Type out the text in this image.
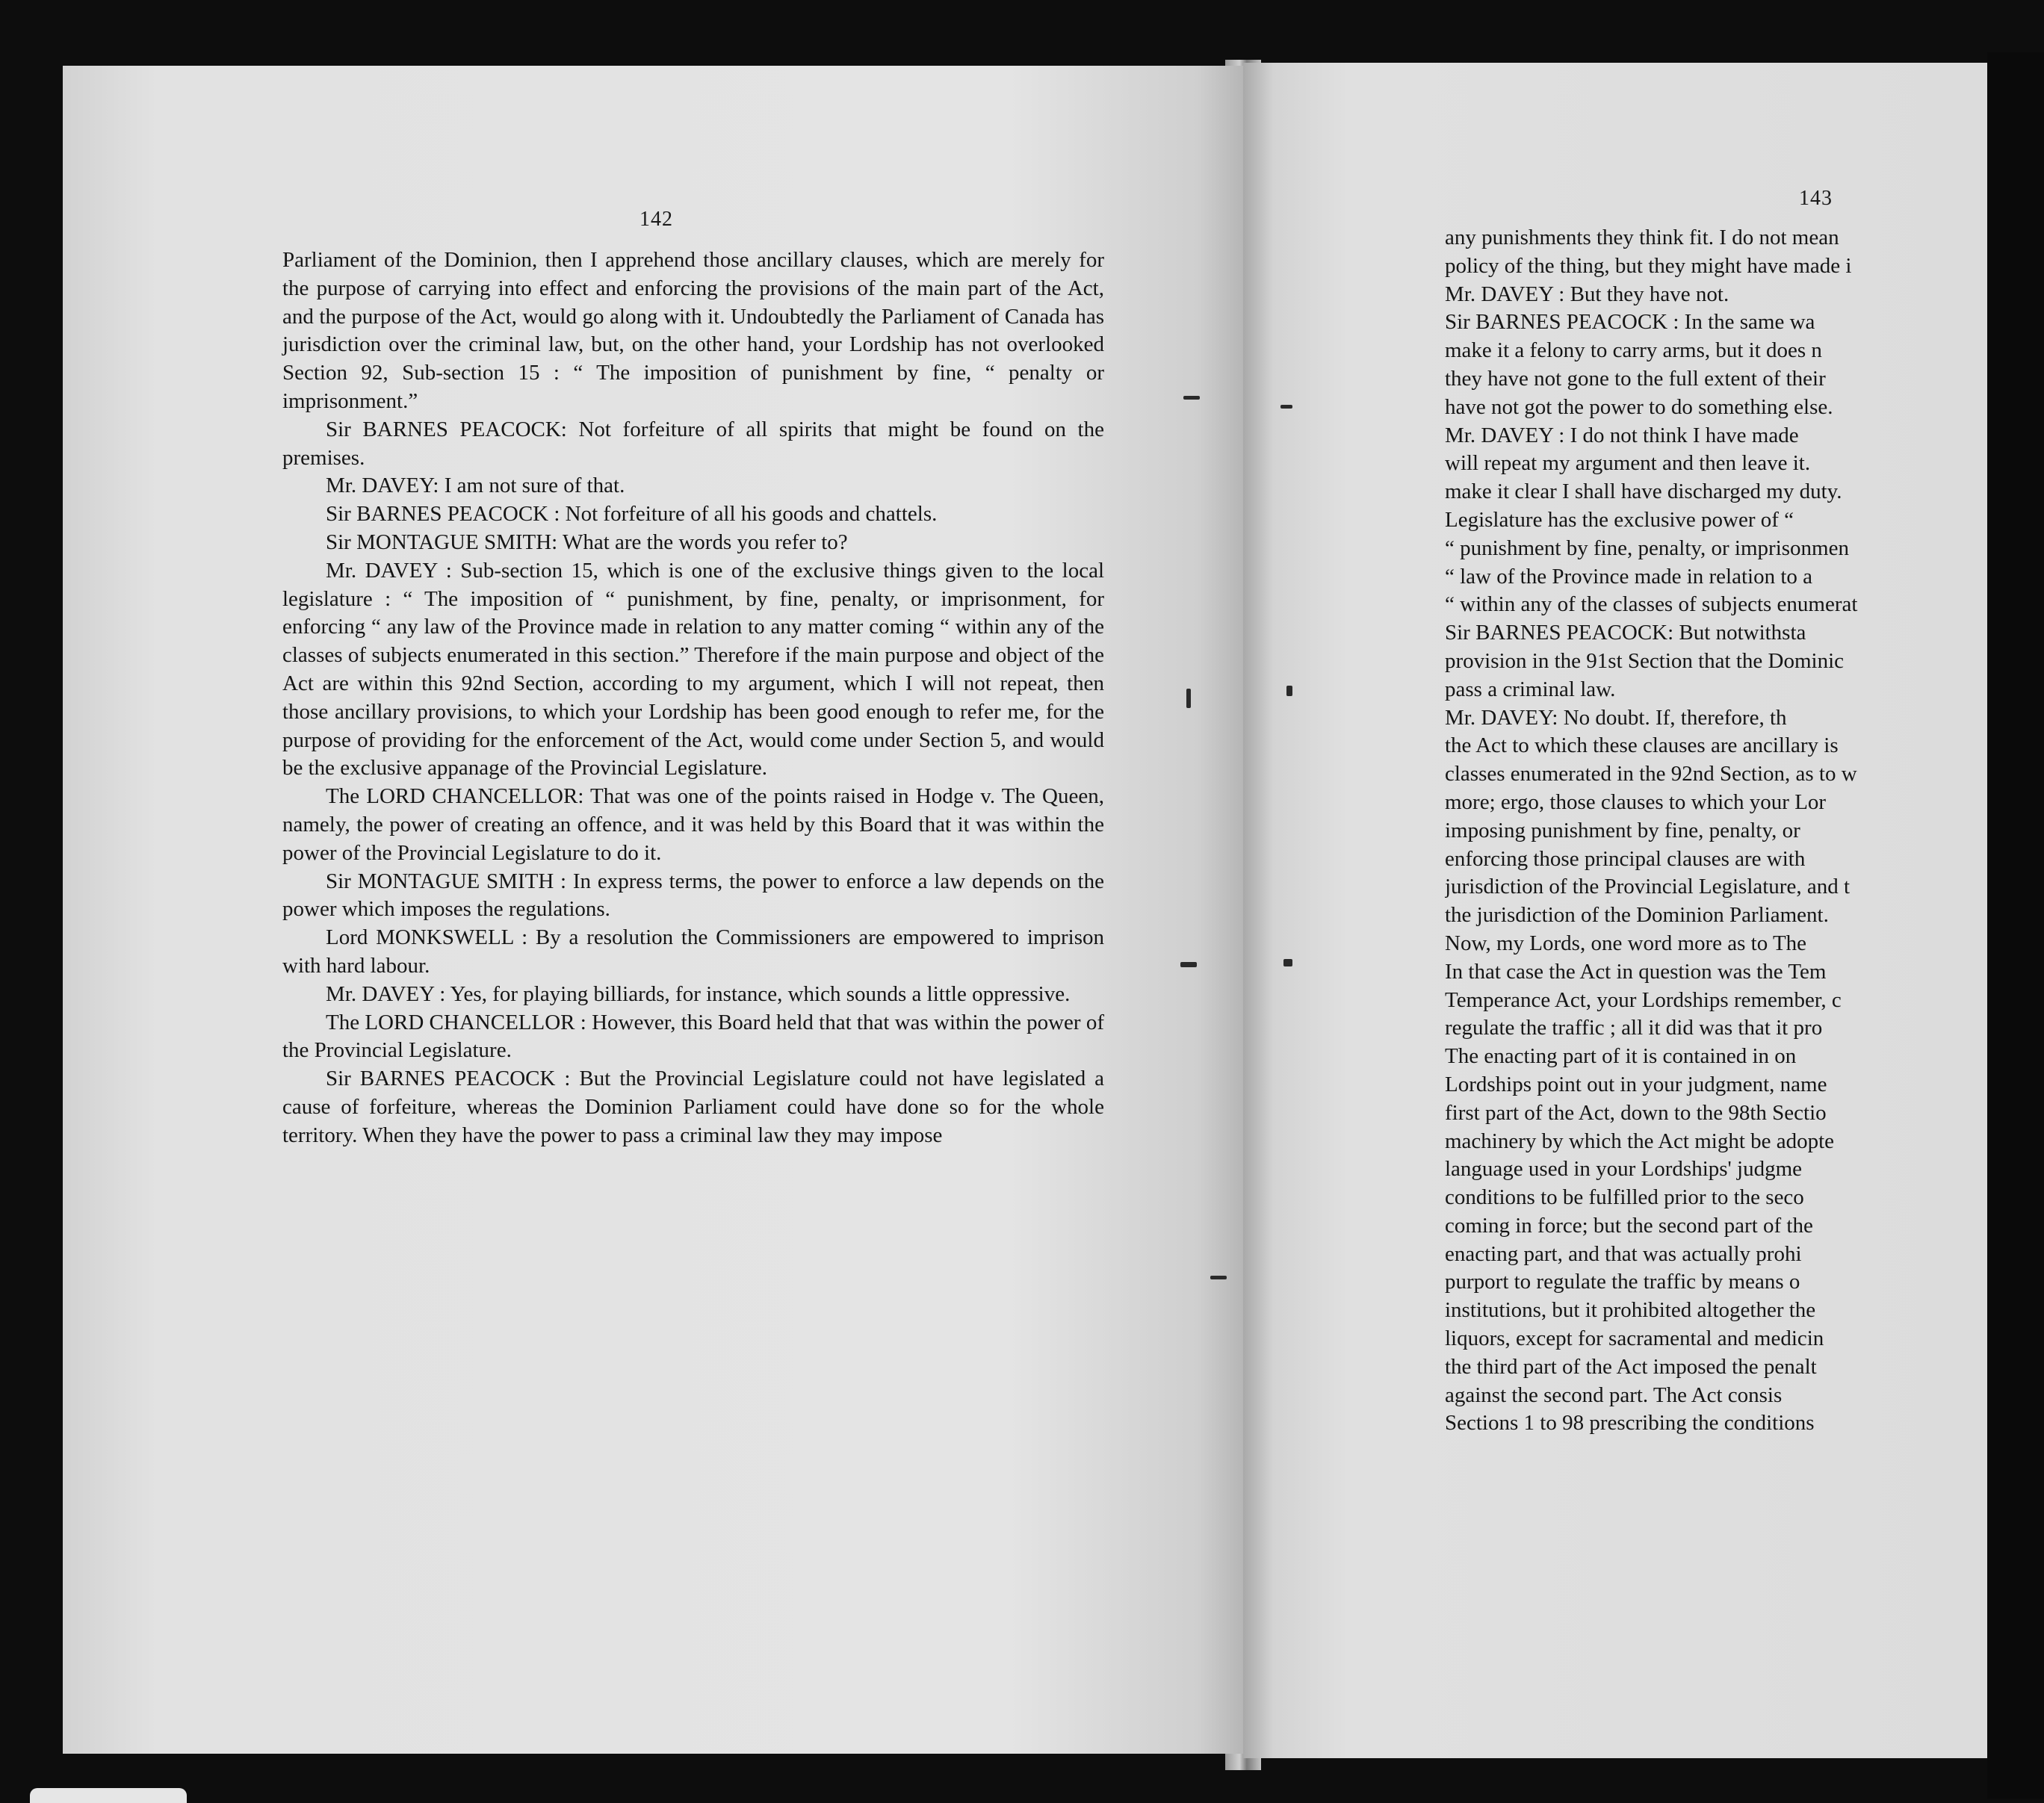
142

Parliament of the Dominion, then I apprehend those ancillary clauses, which are merely for the purpose of carrying into effect and enforcing the provisions of the main part of the Act, and the purpose of the Act, would go along with it. Undoubtedly the Parliament of Canada has jurisdiction over the criminal law, but, on the other hand, your Lordship has not overlooked Section 92, Sub-section 15 : “ The imposition of punishment by fine, “ penalty or imprisonment.”

Sir BARNES PEACOCK: Not forfeiture of all spirits that might be found on the premises.

Mr. DAVEY: I am not sure of that.

Sir BARNES PEACOCK : Not forfeiture of all his goods and chattels.

Sir MONTAGUE SMITH: What are the words you refer to?

Mr. DAVEY : Sub-section 15, which is one of the exclusive things given to the local legislature : “ The imposition of “ punishment, by fine, penalty, or imprisonment, for enforcing “ any law of the Province made in relation to any matter coming “ within any of the classes of subjects enumerated in this section.” Therefore if the main purpose and object of the Act are within this 92nd Section, according to my argument, which I will not repeat, then those ancillary provisions, to which your Lordship has been good enough to refer me, for the purpose of providing for the enforcement of the Act, would come under Section 5, and would be the exclusive appanage of the Provincial Legislature.

The LORD CHANCELLOR: That was one of the points raised in Hodge v. The Queen, namely, the power of creating an offence, and it was held by this Board that it was within the power of the Provincial Legislature to do it.

Sir MONTAGUE SMITH : In express terms, the power to enforce a law depends on the power which imposes the regulations.

Lord MONKSWELL : By a resolution the Commissioners are empowered to imprison with hard labour.

Mr. DAVEY : Yes, for playing billiards, for instance, which sounds a little oppressive.

The LORD CHANCELLOR : However, this Board held that that was within the power of the Provincial Legislature.

Sir BARNES PEACOCK : But the Provincial Legislature could not have legislated a cause of forfeiture, whereas the Dominion Parliament could have done so for the whole territory. When they have the power to pass a criminal law they may impose

143

any punishments they think fit. I do not mean

policy of the thing, but they might have made i

Mr. DAVEY : But they have not.

Sir BARNES PEACOCK : In the same wa

make it a felony to carry arms, but it does n

they have not gone to the full extent of their

have not got the power to do something else.

Mr. DAVEY : I do not think I have made

will repeat my argument and then leave it.

make it clear I shall have discharged my duty.

Legislature has the exclusive power of “

“ punishment by fine, penalty, or imprisonmen

“ law of the Province made in relation to a

“ within any of the classes of subjects enumerat

Sir BARNES PEACOCK: But notwithsta

provision in the 91st Section that the Dominic

pass a criminal law.

Mr. DAVEY: No doubt. If, therefore, th

the Act to which these clauses are ancillary is

classes enumerated in the 92nd Section, as to w

more; ergo, those clauses to which your Lor

imposing punishment by fine, penalty, or

enforcing those principal clauses are with

jurisdiction of the Provincial Legislature, and t

the jurisdiction of the Dominion Parliament.

Now, my Lords, one word more as to The

In that case the Act in question was the Tem

Temperance Act, your Lordships remember, c

regulate the traffic ; all it did was that it pro

The enacting part of it is contained in on

Lordships point out in your judgment, name

first part of the Act, down to the 98th Sectio

machinery by which the Act might be adopte

language used in your Lordships' judgme

conditions to be fulfilled prior to the seco

coming in force; but the second part of the

enacting part, and that was actually prohi

purport to regulate the traffic by means o

institutions, but it prohibited altogether the

liquors, except for sacramental and medicin

the third part of the Act imposed the penalt

against the second part. The Act consis

Sections 1 to 98 prescribing the conditions
